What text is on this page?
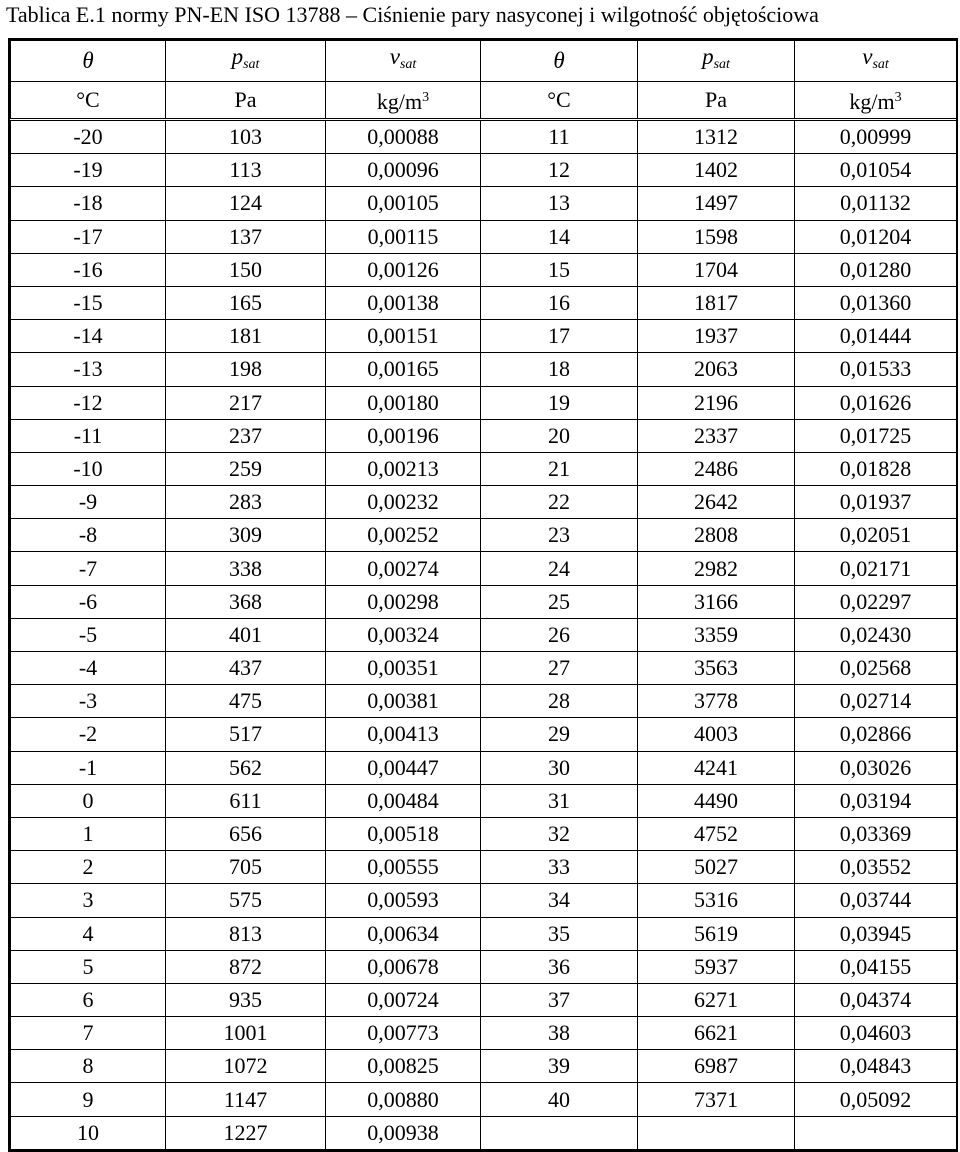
Tablica E.1 normy PN-EN ISO 13788 – Ciśnienie pary nasyconej i wilgotność objętościowa
θ	$p_{sat}$	$v_{sat}$	θ	$p_{sat}$	$v_{sat}$
°C	Pa	$kg/m^3$	°C	Pa	$kg/m^3$
-20	103	0,00088	11	1312	0,00999
-19	113	0,00096	12	1402	0,01054
-18	124	0,00105	13	1497	0,01132
-17	137	0,00115	14	1598	0,01204
-16	150	0,00126	15	1704	0,01280
-15	165	0,00138	16	1817	0,01360
-14	181	0,00151	17	1937	0,01444
-13	198	0,00165	18	2063	0,01533
-12	217	0,00180	19	2196	0,01626
-11	237	0,00196	20	2337	0,01725
-10	259	0,00213	21	2486	0,01828
-9	283	0,00232	22	2642	0,01937
-8	309	0,00252	23	2808	0,02051
-7	338	0,00274	24	2982	0,02171
-6	368	0,00298	25	3166	0,02297
-5	401	0,00324	26	3359	0,02430
-4	437	0,00351	27	3563	0,02568
-3	475	0,00381	28	3778	0,02714
-2	517	0,00413	29	4003	0,02866
-1	562	0,00447	30	4241	0,03026
0	611	0,00484	31	4490	0,03194
1	656	0,00518	32	4752	0,03369
2	705	0,00555	33	5027	0,03552
3	575	0,00593	34	5316	0,03744
4	813	0,00634	35	5619	0,03945
5	872	0,00678	36	5937	0,04155
6	935	0,00724	37	6271	0,04374
7	1001	0,00773	38	6621	0,04603
8	1072	0,00825	39	6987	0,04843
9	1147	0,00880	40	7371	0,05092
10	1227	0,00938			
